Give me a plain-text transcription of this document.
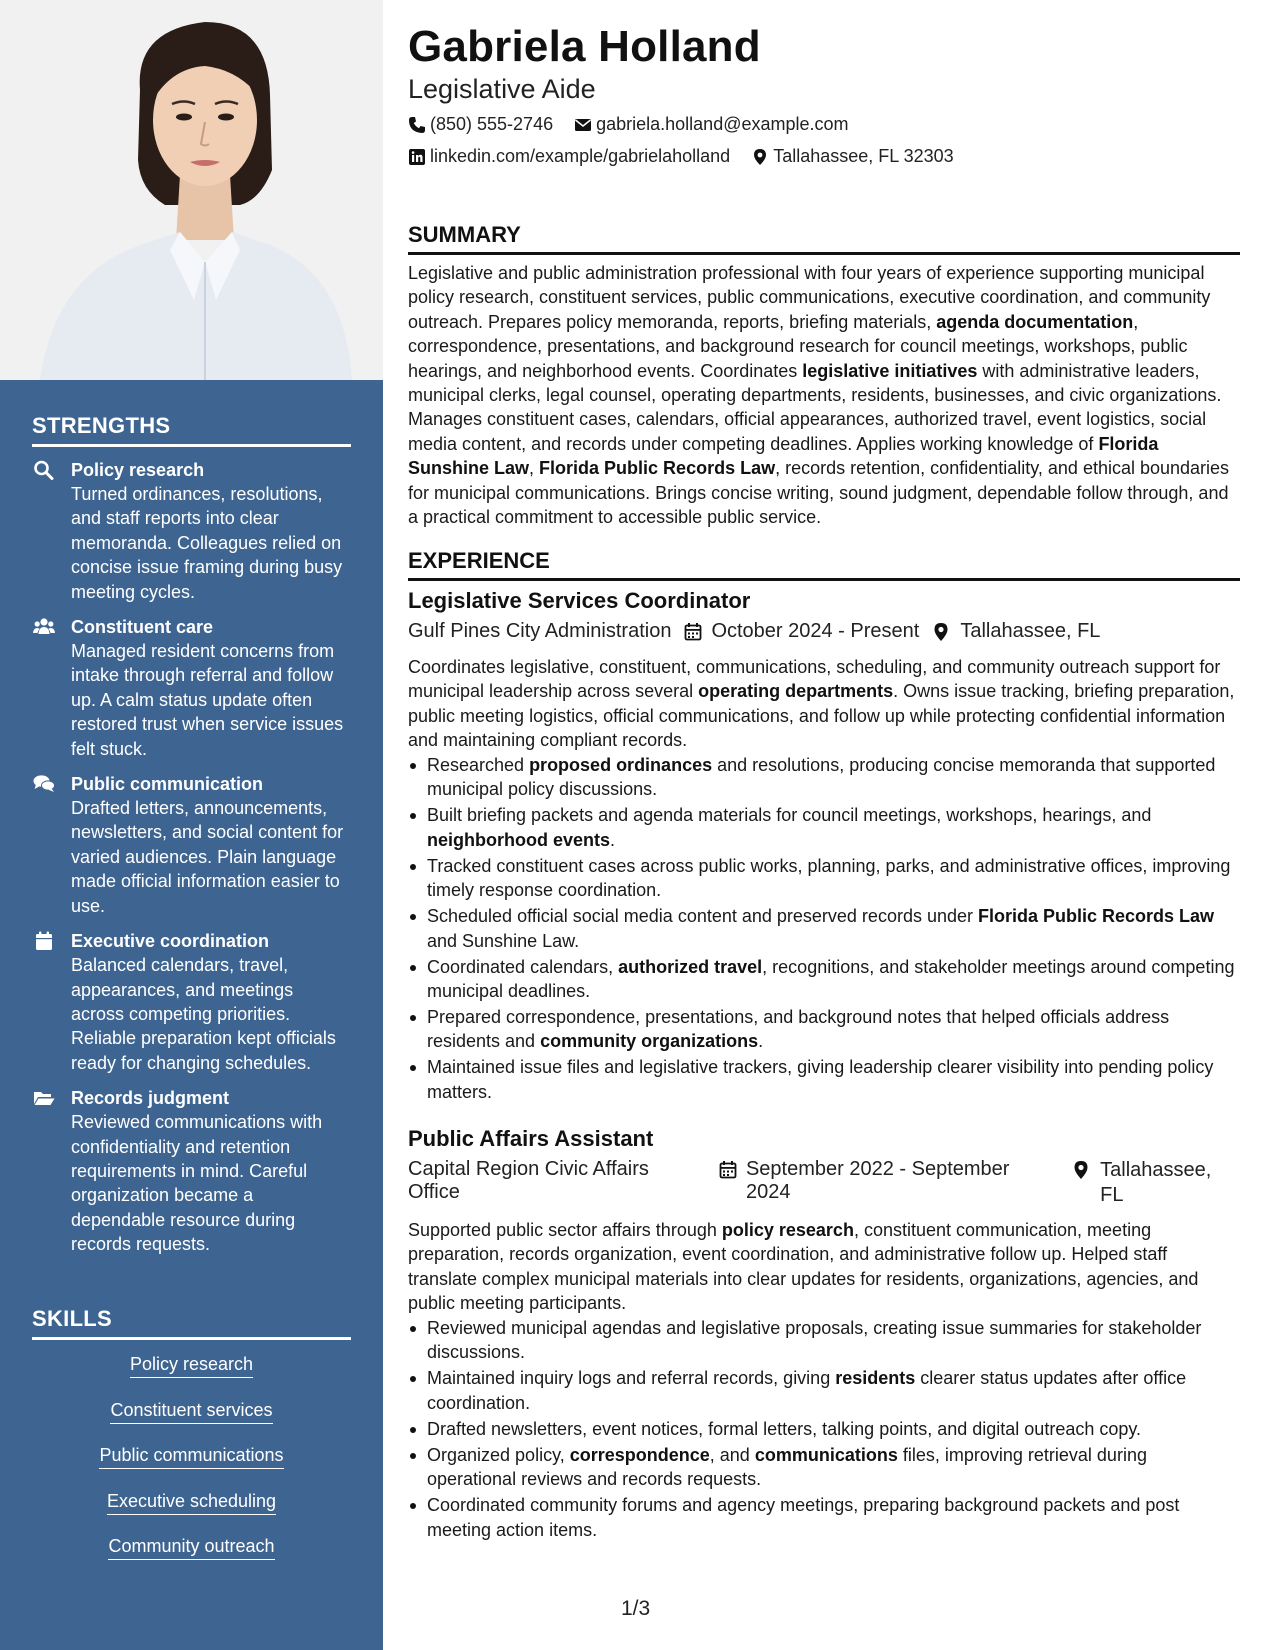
STRENGTHS
Policy research
Turned ordinances, resolutions, and staff reports into clear memoranda. Colleagues relied on concise issue framing during busy meeting cycles.
Constituent care
Managed resident concerns from intake through referral and follow up. A calm status update often restored trust when service issues felt stuck.
Public communication
Drafted letters, announcements, newsletters, and social content for varied audiences. Plain language made official information easier to use.
Executive coordination
Balanced calendars, travel, appearances, and meetings across competing priorities. Reliable preparation kept officials ready for changing schedules.
Records judgment
Reviewed communications with confidentiality and retention requirements in mind. Careful organization became a dependable resource during records requests.
SKILLS
Policy research
Constituent services
Public communications
Executive scheduling
Community outreach
Gabriela Holland
Legislative Aide
(850) 555-2746
gabriela.holland@example.com
linkedin.com/example/gabrielaholland
Tallahassee, FL 32303
SUMMARY
Legislative and public administration professional with four years of experience supporting municipal policy research, constituent services, public communications, executive coordination, and community outreach. Prepares policy memoranda, reports, briefing materials, agenda documentation, correspondence, presentations, and background research for council meetings, workshops, public hearings, and neighborhood events. Coordinates legislative initiatives with administrative leaders, municipal clerks, legal counsel, operating departments, residents, businesses, and civic organizations. Manages constituent cases, calendars, official appearances, authorized travel, event logistics, social media content, and records under competing deadlines. Applies working knowledge of Florida Sunshine Law, Florida Public Records Law, records retention, confidentiality, and ethical boundaries for municipal communications. Brings concise writing, sound judgment, dependable follow through, and a practical commitment to accessible public service.
EXPERIENCE
Legislative Services Coordinator
Gulf Pines City Administration October 2024 - Present Tallahassee, FL
Coordinates legislative, constituent, communications, scheduling, and community outreach support for municipal leadership across several operating departments. Owns issue tracking, briefing preparation, public meeting logistics, official communications, and follow up while protecting confidential information and maintaining compliant records.
Researched proposed ordinances and resolutions, producing concise memoranda that supported municipal policy discussions.
Built briefing packets and agenda materials for council meetings, workshops, hearings, and neighborhood events.
Tracked constituent cases across public works, planning, parks, and administrative offices, improving timely response coordination.
Scheduled official social media content and preserved records under Florida Public Records Law and Sunshine Law.
Coordinated calendars, authorized travel, recognitions, and stakeholder meetings around competing municipal deadlines.
Prepared correspondence, presentations, and background notes that helped officials address residents and community organizations.
Maintained issue files and legislative trackers, giving leadership clearer visibility into pending policy matters.
Public Affairs Assistant
Capital Region Civic Affairs Office
September 2022 - September 2024
Tallahassee, FL
Supported public sector affairs through policy research, constituent communication, meeting preparation, records organization, event coordination, and administrative follow up. Helped staff translate complex municipal materials into clear updates for residents, organizations, agencies, and public meeting participants.
Reviewed municipal agendas and legislative proposals, creating issue summaries for stakeholder discussions.
Maintained inquiry logs and referral records, giving residents clearer status updates after office coordination.
Drafted newsletters, event notices, formal letters, talking points, and digital outreach copy.
Organized policy, correspondence, and communications files, improving retrieval during operational reviews and records requests.
Coordinated community forums and agency meetings, preparing background packets and post meeting action items.
1/3
